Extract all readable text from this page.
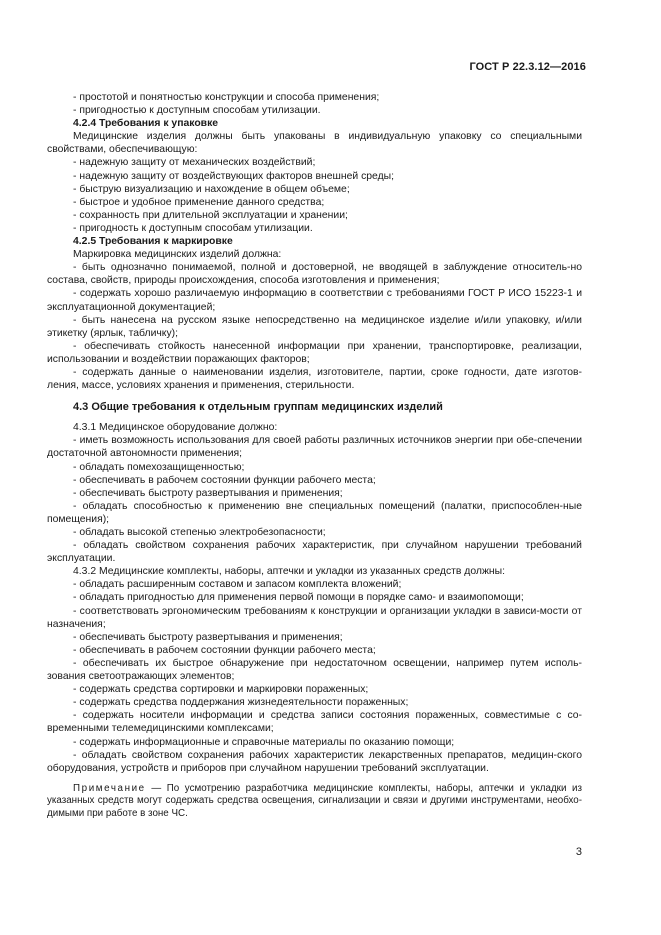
ГОСТ Р 22.3.12—2016

- простотой и понятностью конструкции и способа применения;

- пригодностью к доступным способам утилизации.

4.2.4 Требования к упаковке

Медицинские изделия должны быть упакованы в индивидуальную упаковку со специальными свойствами, обеспечивающую:

- надежную защиту от механических воздействий;

- надежную защиту от воздействующих факторов внешней среды;

- быструю визуализацию и нахождение в общем объеме;

- быстрое и удобное применение данного средства;

- сохранность при длительной эксплуатации и хранении;

- пригодность к доступным способам утилизации.

4.2.5 Требования к маркировке

Маркировка медицинских изделий должна:

- быть однозначно понимаемой, полной и достоверной, не вводящей в заблуждение относитель-но состава, свойств, природы происхождения, способа изготовления и применения;

- содержать хорошо различаемую информацию в соответствии с требованиями ГОСТ Р ИСО 15223-1 и эксплуатационной документацией;

- быть нанесена на русском языке непосредственно на медицинское изделие и/или упаковку, и/или этикетку (ярлык, табличку);

- обеспечивать стойкость нанесенной информации при хранении, транспортировке, реализации, использовании и воздействии поражающих факторов;

- содержать данные о наименовании изделия, изготовителе, партии, сроке годности, дате изготов-ления, массе, условиях хранения и применения, стерильности.

4.3 Общие требования к отдельным группам медицинских изделий

4.3.1 Медицинское оборудование должно:

- иметь возможность использования для своей работы различных источников энергии при обе-спечении достаточной автономности применения;

- обладать помехозащищенностью;

- обеспечивать в рабочем состоянии функции рабочего места;

- обеспечивать быстроту развертывания и применения;

- обладать способностью к применению вне специальных помещений (палатки, приспособлен-ные помещения);

- обладать высокой степенью электробезопасности;

- обладать свойством сохранения рабочих характеристик, при случайном нарушении требований эксплуатации.

4.3.2 Медицинские комплекты, наборы, аптечки и укладки из указанных средств должны:

- обладать расширенным составом и запасом комплекта вложений;

- обладать пригодностью для применения первой помощи в порядке само- и взаимопомощи;

- соответствовать эргономическим требованиям к конструкции и организации укладки в зависи-мости от назначения;

- обеспечивать быстроту развертывания и применения;

- обеспечивать в рабочем состоянии функции рабочего места;

- обеспечивать их быстрое обнаружение при недостаточном освещении, например путем исполь-зования светоотражающих элементов;

- содержать средства сортировки и маркировки пораженных;

- содержать средства поддержания жизнедеятельности пораженных;

- содержать носители информации и средства записи состояния пораженных, совместимые с со-временными телемедицинскими комплексами;

- содержать информационные и справочные материалы по оказанию помощи;

- обладать свойством сохранения рабочих характеристик лекарственных препаратов, медицин-ского оборудования, устройств и приборов при случайном нарушении требований эксплуатации.

Примечание — По усмотрению разработчика медицинские комплекты, наборы, аптечки и укладки из указанных средств могут содержать средства освещения, сигнализации и связи и другими инструментами, необхо-димыми при работе в зоне ЧС.

3
